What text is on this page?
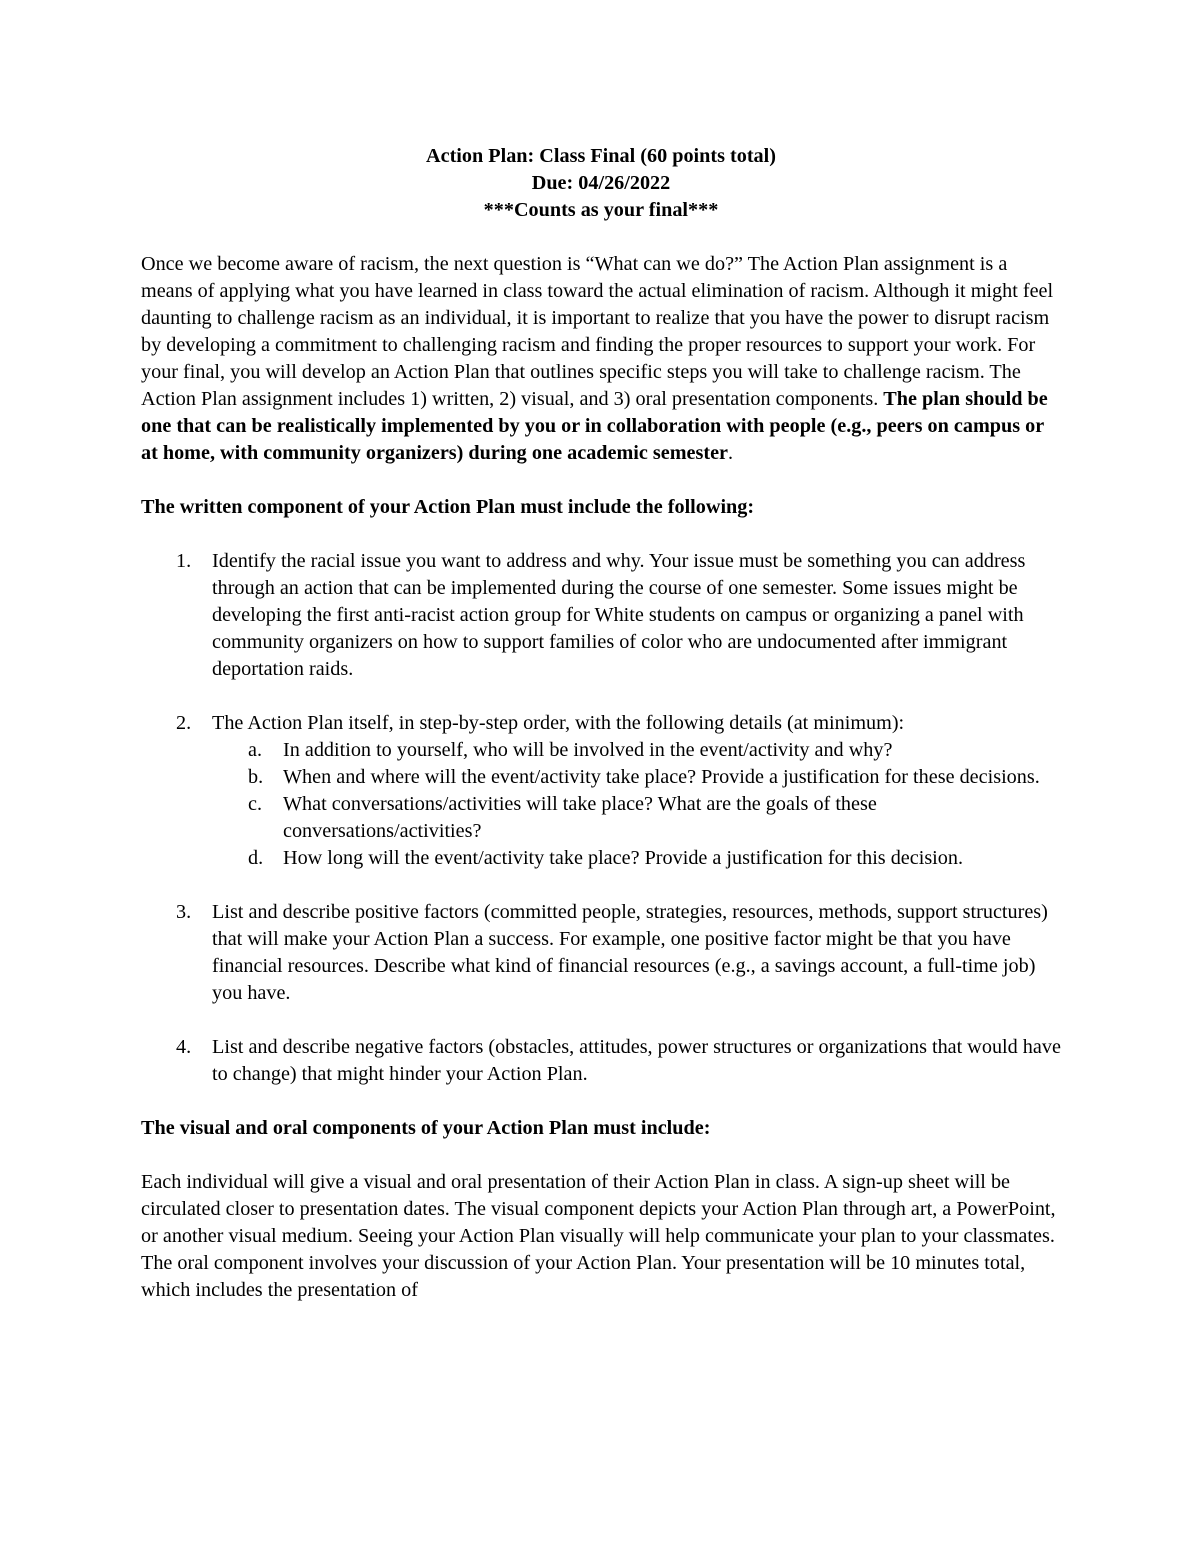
Action Plan: Class Final (60 points total)
Due: 04/26/2022
***Counts as your final***

Once we become aware of racism, the next question is “What can we do?” The Action Plan assignment is a means of applying what you have learned in class toward the actual elimination of racism. Although it might feel daunting to challenge racism as an individual, it is important to realize that you have the power to disrupt racism by developing a commitment to challenging racism and finding the proper resources to support your work. For your final, you will develop an Action Plan that outlines specific steps you will take to challenge racism. The Action Plan assignment includes 1) written, 2) visual, and 3) oral presentation components. The plan should be one that can be realistically implemented by you or in collaboration with people (e.g., peers on campus or at home, with community organizers) during one academic semester.

The written component of your Action Plan must include the following:
1. Identify the racial issue you want to address and why. Your issue must be something you can address through an action that can be implemented during the course of one semester. Some issues might be developing the first anti-racist action group for White students on campus or organizing a panel with community organizers on how to support families of color who are undocumented after immigrant deportation raids.
2. The Action Plan itself, in step-by-step order, with the following details (at minimum):
a. In addition to yourself, who will be involved in the event/activity and why?
b. When and where will the event/activity take place? Provide a justification for these decisions.
c. What conversations/activities will take place? What are the goals of these conversations/activities?
d. How long will the event/activity take place? Provide a justification for this decision.
3. List and describe positive factors (committed people, strategies, resources, methods, support structures) that will make your Action Plan a success. For example, one positive factor might be that you have financial resources. Describe what kind of financial resources (e.g., a savings account, a full-time job) you have.
4. List and describe negative factors (obstacles, attitudes, power structures or organizations that would have to change) that might hinder your Action Plan.
The visual and oral components of your Action Plan must include:

Each individual will give a visual and oral presentation of their Action Plan in class. A sign-up sheet will be circulated closer to presentation dates. The visual component depicts your Action Plan through art, a PowerPoint, or another visual medium. Seeing your Action Plan visually will help communicate your plan to your classmates. The oral component involves your discussion of your Action Plan. Your presentation will be 10 minutes total, which includes the presentation of
